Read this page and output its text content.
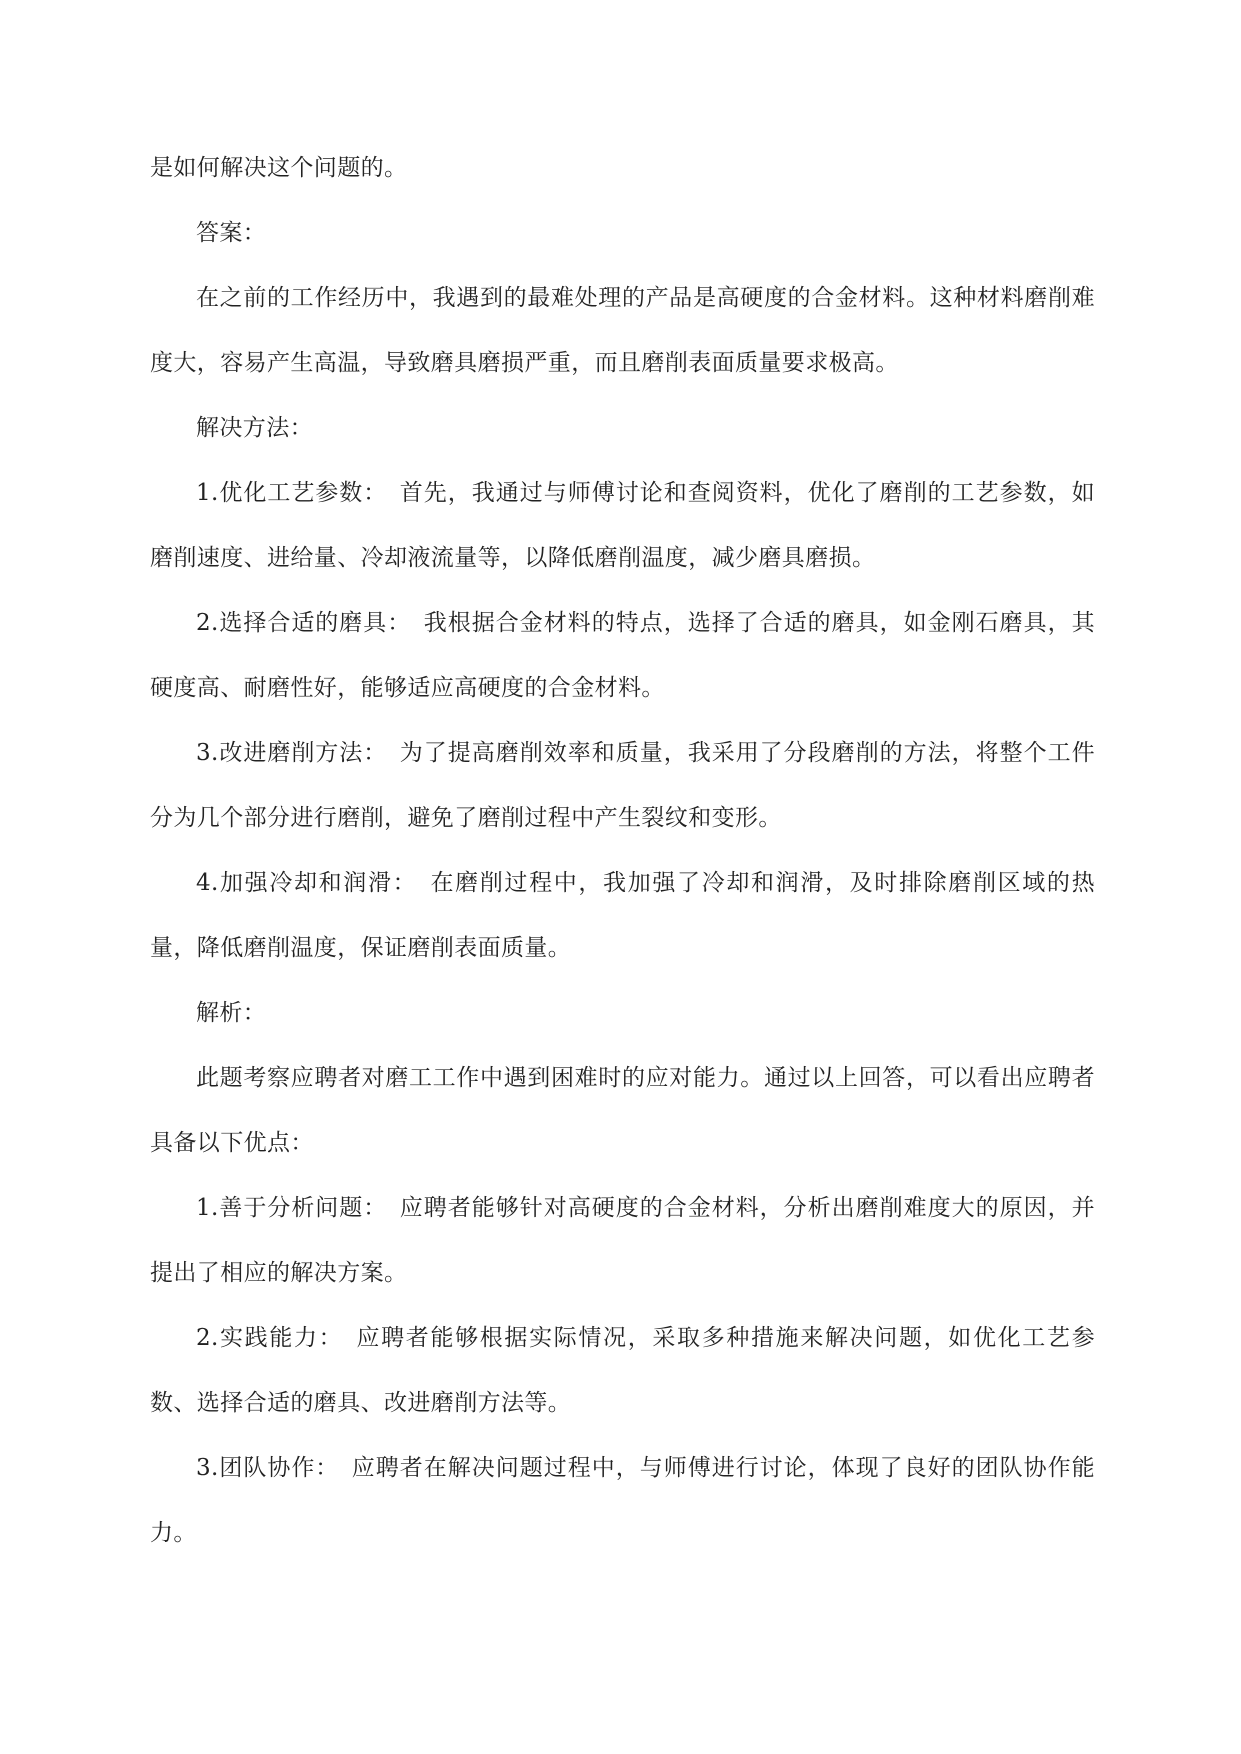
是如何解决这个问题的。

答案：

在之前的工作经历中，我遇到的最难处理的产品是高硬度的合金材料。这种材料磨削难度大，容易产生高温，导致磨具磨损严重，而且磨削表面质量要求极高。

解决方法：

1.优化工艺参数：　首先，我通过与师傅讨论和查阅资料，优化了磨削的工艺参数，如磨削速度、进给量、冷却液流量等，以降低磨削温度，减少磨具磨损。

2.选择合适的磨具：　我根据合金材料的特点，选择了合适的磨具，如金刚石磨具，其硬度高、耐磨性好，能够适应高硬度的合金材料。

3.改进磨削方法：　为了提高磨削效率和质量，我采用了分段磨削的方法，将整个工件分为几个部分进行磨削，避免了磨削过程中产生裂纹和变形。

4.加强冷却和润滑：　在磨削过程中，我加强了冷却和润滑，及时排除磨削区域的热量，降低磨削温度，保证磨削表面质量。

解析：

此题考察应聘者对磨工工作中遇到困难时的应对能力。通过以上回答，可以看出应聘者具备以下优点：

1.善于分析问题：　应聘者能够针对高硬度的合金材料，分析出磨削难度大的原因，并提出了相应的解决方案。

2.实践能力：　应聘者能够根据实际情况，采取多种措施来解决问题，如优化工艺参数、选择合适的磨具、改进磨削方法等。

3.团队协作：　应聘者在解决问题过程中，与师傅进行讨论，体现了良好的团队协作能力。
